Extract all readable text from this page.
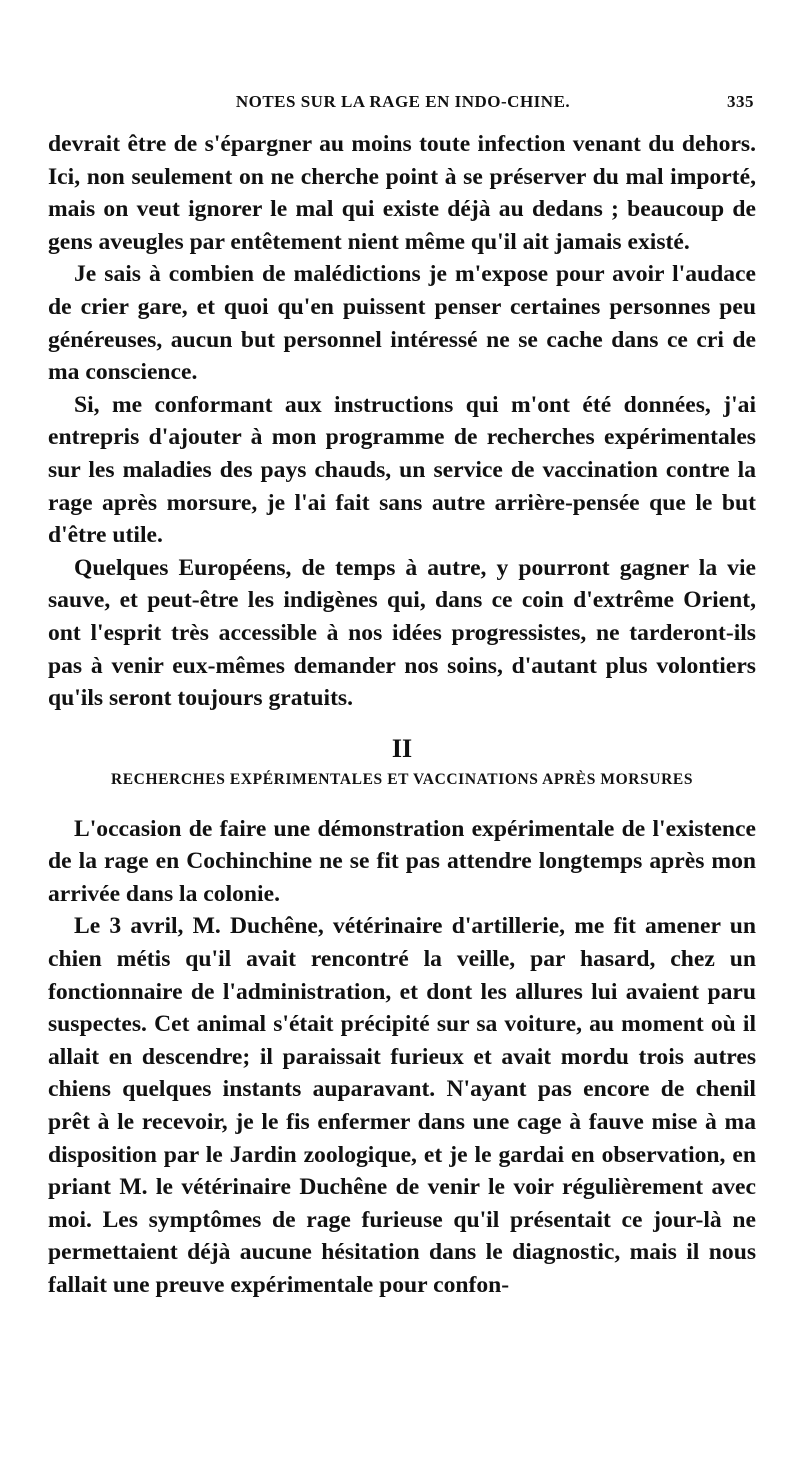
NOTES SUR LA RAGE EN INDO-CHINE.	335

devrait être de s'épargner au moins toute infection venant du dehors. Ici, non seulement on ne cherche point à se préserver du mal importé, mais on veut ignorer le mal qui existe déjà au dedans ; beaucoup de gens aveugles par entêtement nient même qu'il ait jamais existé.

Je sais à combien de malédictions je m'expose pour avoir l'audace de crier gare, et quoi qu'en puissent penser certaines personnes peu généreuses, aucun but personnel intéressé ne se cache dans ce cri de ma conscience.

Si, me conformant aux instructions qui m'ont été données, j'ai entrepris d'ajouter à mon programme de recherches expérimentales sur les maladies des pays chauds, un service de vaccination contre la rage après morsure, je l'ai fait sans autre arrière-pensée que le but d'être utile.

Quelques Européens, de temps à autre, y pourront gagner la vie sauve, et peut-être les indigènes qui, dans ce coin d'extrême Orient, ont l'esprit très accessible à nos idées progressistes, ne tarderont-ils pas à venir eux-mêmes demander nos soins, d'autant plus volontiers qu'ils seront toujours gratuits.

II
RECHERCHES EXPÉRIMENTALES ET VACCINATIONS APRÈS MORSURES

L'occasion de faire une démonstration expérimentale de l'existence de la rage en Cochinchine ne se fit pas attendre longtemps après mon arrivée dans la colonie.

Le 3 avril, M. Duchêne, vétérinaire d'artillerie, me fit amener un chien métis qu'il avait rencontré la veille, par hasard, chez un fonctionnaire de l'administration, et dont les allures lui avaient paru suspectes. Cet animal s'était précipité sur sa voiture, au moment où il allait en descendre; il paraissait furieux et avait mordu trois autres chiens quelques instants auparavant. N'ayant pas encore de chenil prêt à le recevoir, je le fis enfermer dans une cage à fauve mise à ma disposition par le Jardin zoologique, et je le gardai en observation, en priant M. le vétérinaire Duchêne de venir le voir régulièrement avec moi. Les symptômes de rage furieuse qu'il présentait ce jour-là ne permettaient déjà aucune hésitation dans le diagnostic, mais il nous fallait une preuve expérimentale pour confon-
